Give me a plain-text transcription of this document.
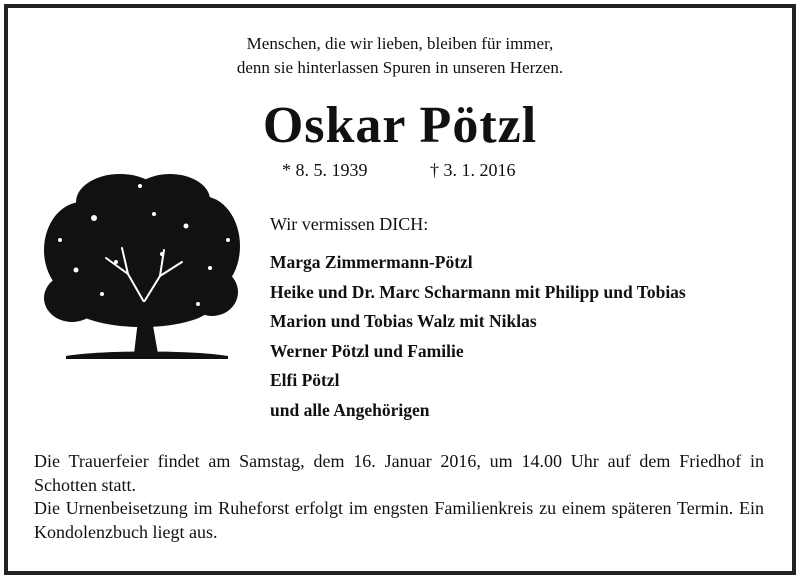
Menschen, die wir lieben, bleiben für immer,
denn sie hinterlassen Spuren in unseren Herzen.
Oskar Pötzl
* 8. 5. 1939	† 3. 1. 2016
Wir vermissen DICH:
Marga Zimmermann-Pötzl
Heike und Dr. Marc Scharmann mit Philipp und Tobias
Marion und Tobias Walz mit Niklas
Werner Pötzl und Familie
Elfi Pötzl
und alle Angehörigen

Die Trauerfeier findet am Samstag, dem 16. Januar 2016, um 14.00 Uhr auf dem Friedhof in Schotten statt.

Die Urnenbeisetzung im Ruheforst erfolgt im engsten Familienkreis zu einem späteren Termin. Ein Kondolenzbuch liegt aus.
